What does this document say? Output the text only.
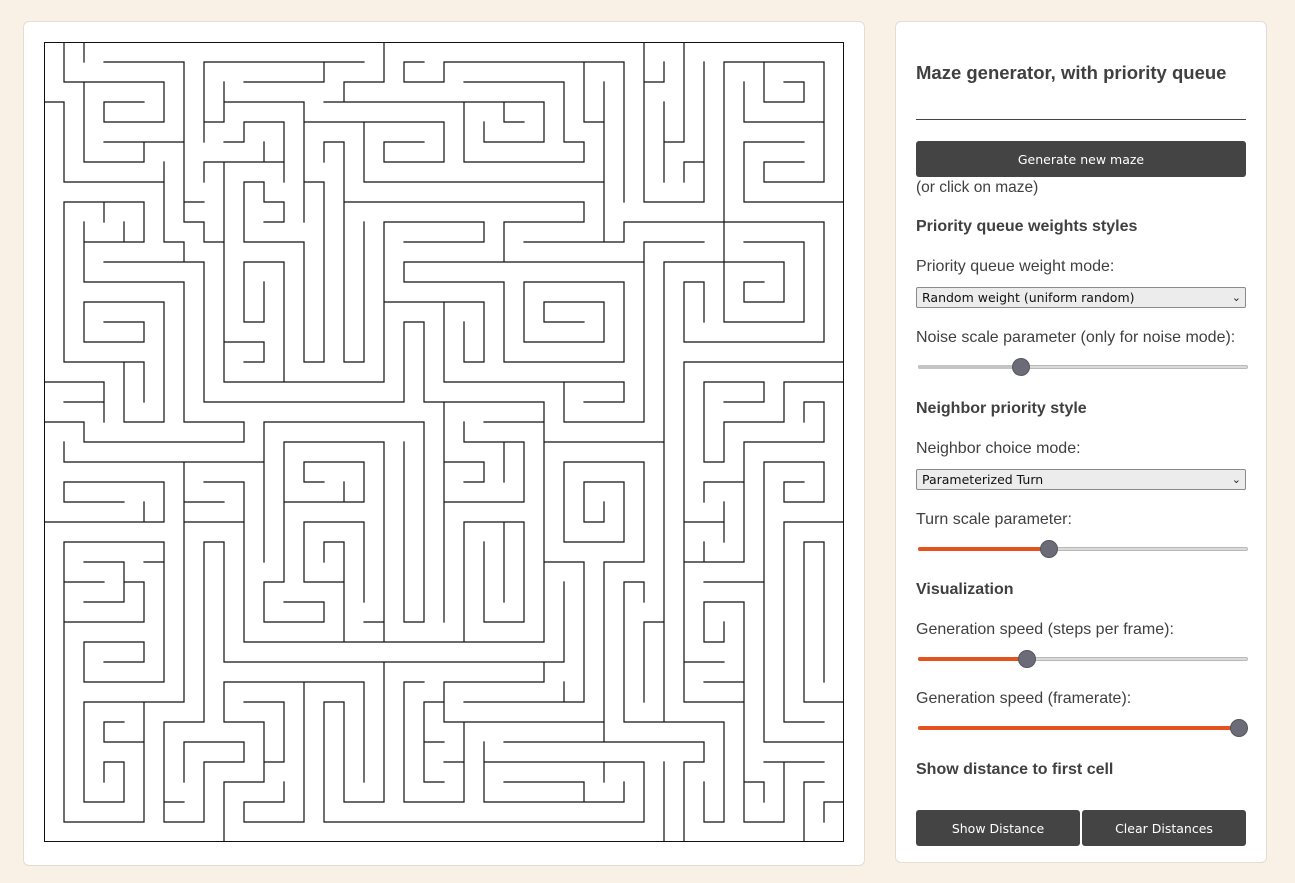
Maze generator, with priority queue
Generate new maze
(or click on maze)
Priority queue weights styles
Priority queue weight mode:
Random weight (uniform random)	⌄
Noise scale parameter (only for noise mode):
Neighbor priority style
Neighbor choice mode:
Parameterized Turn	⌄
Turn scale parameter:
Visualization
Generation speed (steps per frame):
Generation speed (framerate):
Show distance to first cell
Show Distance	Clear Distances
